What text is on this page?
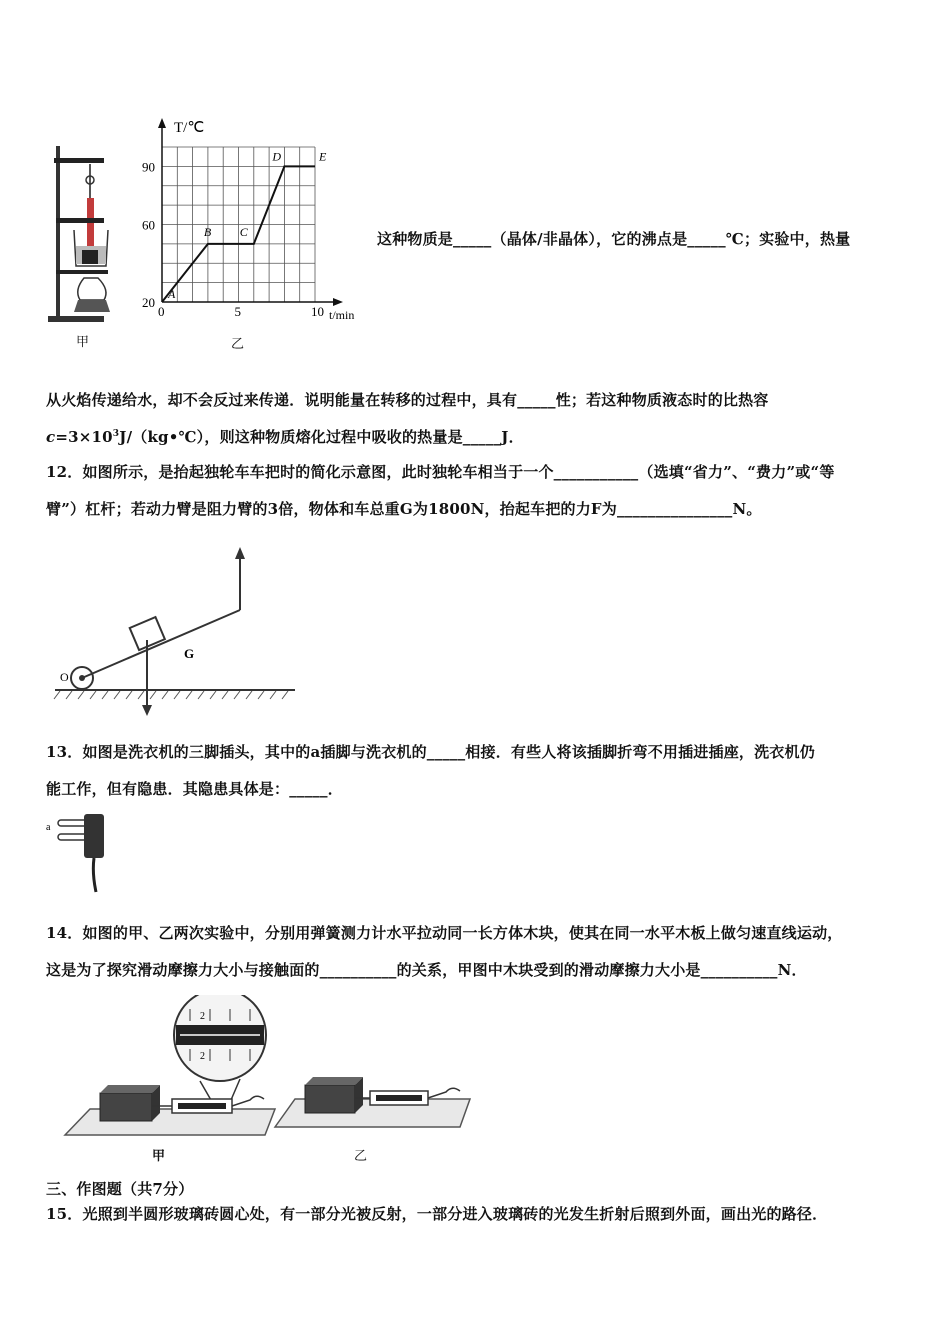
甲
T/℃
t/min
0	5	10
20
60
90
A
B C
D	E
乙
这种物质是_____（晶体/非晶体），它的沸点是_____℃；实验中，热量
从火焰传递给水，却不会反过来传递．说明能量在转移的过程中，具有_____性；若这种物质液态时的比热容
$c=3\times 10^3J/(kg•℃)$，则这种物质熔化过程中吸收的热量是_____J．
12．如图所示，是抬起独轮车车把时的简化示意图，此时独轮车相当于一个___________（选填“省力”、“费力”或“等
臂”）杠杆；若动力臂是阻力臂的3倍，物体和车总重G为1800N，抬起车把的力F为_______________N。
O
G
13．如图是洗衣机的三脚插头，其中的a插脚与洗衣机的_____相接．有些人将该插脚折弯不用插进插座，洗衣机仍
能工作，但有隐患．其隐患具体是：_____．
a
14．如图的甲、乙两次实验中，分别用弹簧测力计水平拉动同一长方体木块，使其在同一水平木板上做匀速直线运动，
这是为了探究滑动摩擦力大小与接触面的__________的关系，甲图中木块受到的滑动摩擦力大小是__________N．
2
2
甲	乙
三、作图题（共7分）
15．光照到半圆形玻璃砖圆心处，有一部分光被反射，一部分进入玻璃砖的光发生折射后照到外面，画出光的路径．
